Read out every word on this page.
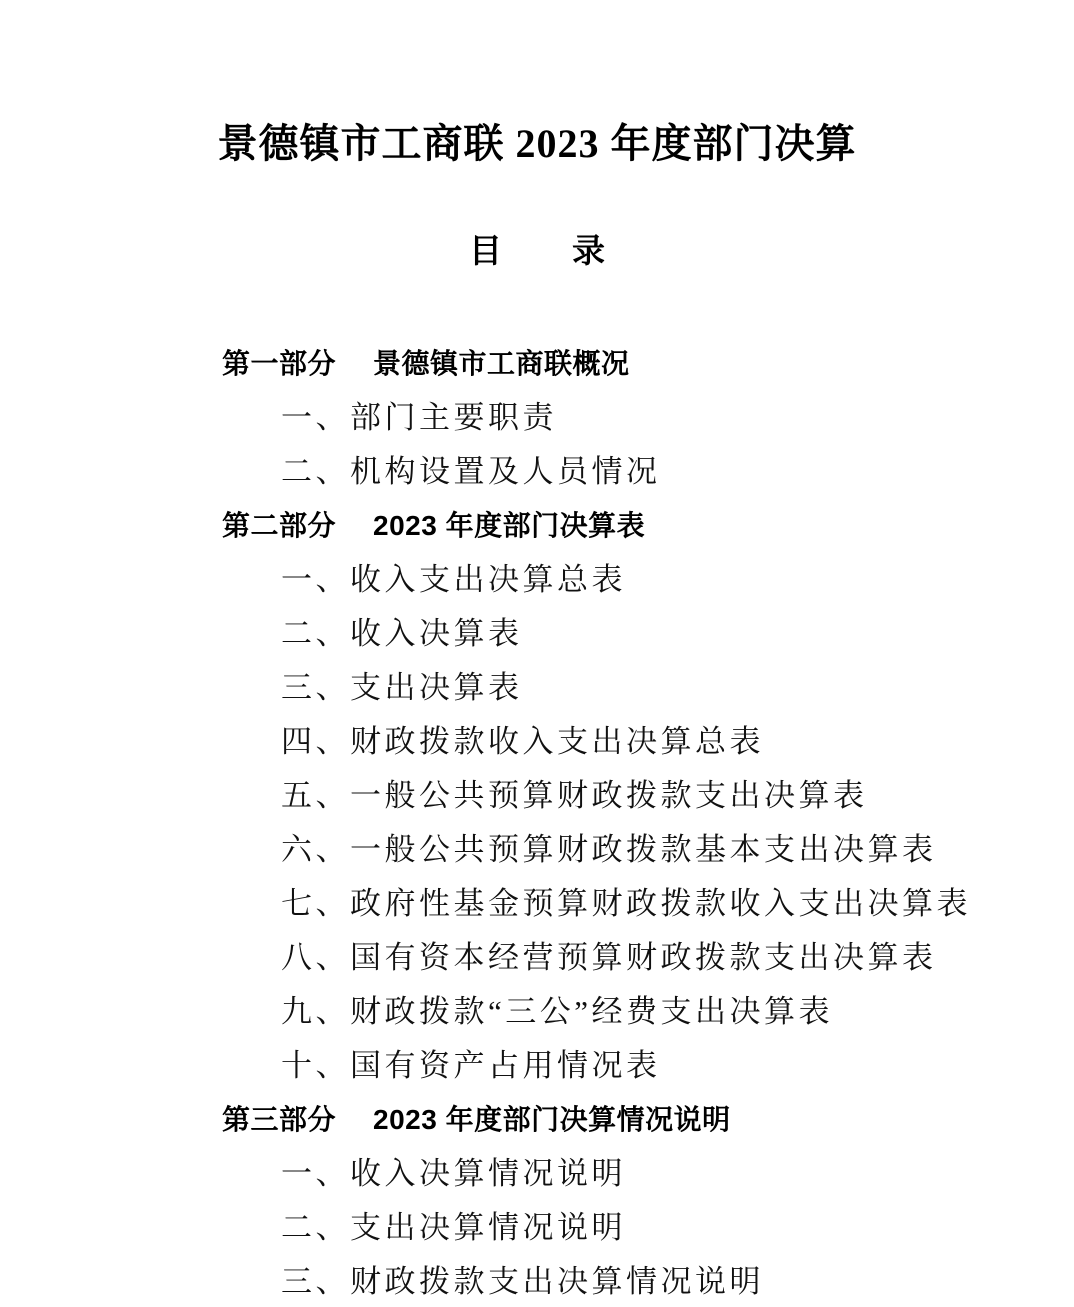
景德镇市工商联 2023 年度部门决算
目 录
第一部分 景德镇市工商联概况
一、部门主要职责
二、机构设置及人员情况
第二部分 2023 年度部门决算表
一、收入支出决算总表
二、收入决算表
三、支出决算表
四、财政拨款收入支出决算总表
五、一般公共预算财政拨款支出决算表
六、一般公共预算财政拨款基本支出决算表
七、政府性基金预算财政拨款收入支出决算表
八、国有资本经营预算财政拨款支出决算表
九、财政拨款“三公”经费支出决算表
十、国有资产占用情况表
第三部分 2023 年度部门决算情况说明
一、收入决算情况说明
二、支出决算情况说明
三、财政拨款支出决算情况说明
